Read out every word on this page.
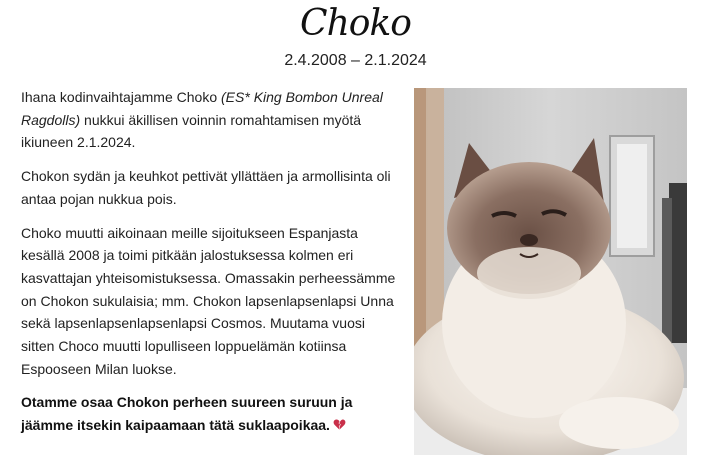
Choko
2.4.2008 – 2.1.2024

Ihana kodinvaihtajamme Choko (ES* King Bombon Unreal Ragdolls) nukkui äkillisen voinnin romahtamisen myötä ikiuneen 2.1.2024.

Chokon sydän ja keuhkot pettivät yllättäen ja armollisinta oli antaa pojan nukkua pois.

Choko muutti aikoinaan meille sijoitukseen Espanjasta kesällä 2008 ja toimi pitkään jalostuksessa kolmen eri kasvattajan yhteisomistuksessa. Omassakin perheessämme on Chokon sukulaisia; mm. Chokon lapsenlapsenlapsi Unna sekä lapsenlapsenlapsenlapsi Cosmos. Muutama vuosi sitten Choco muutti lopulliseen loppuelämän kotiinsa Espooseen Milan luokse.

Otamme osaa Chokon perheen suureen suruun ja jäämme itsekin kaipaamaan tätä suklaapoikaa.
